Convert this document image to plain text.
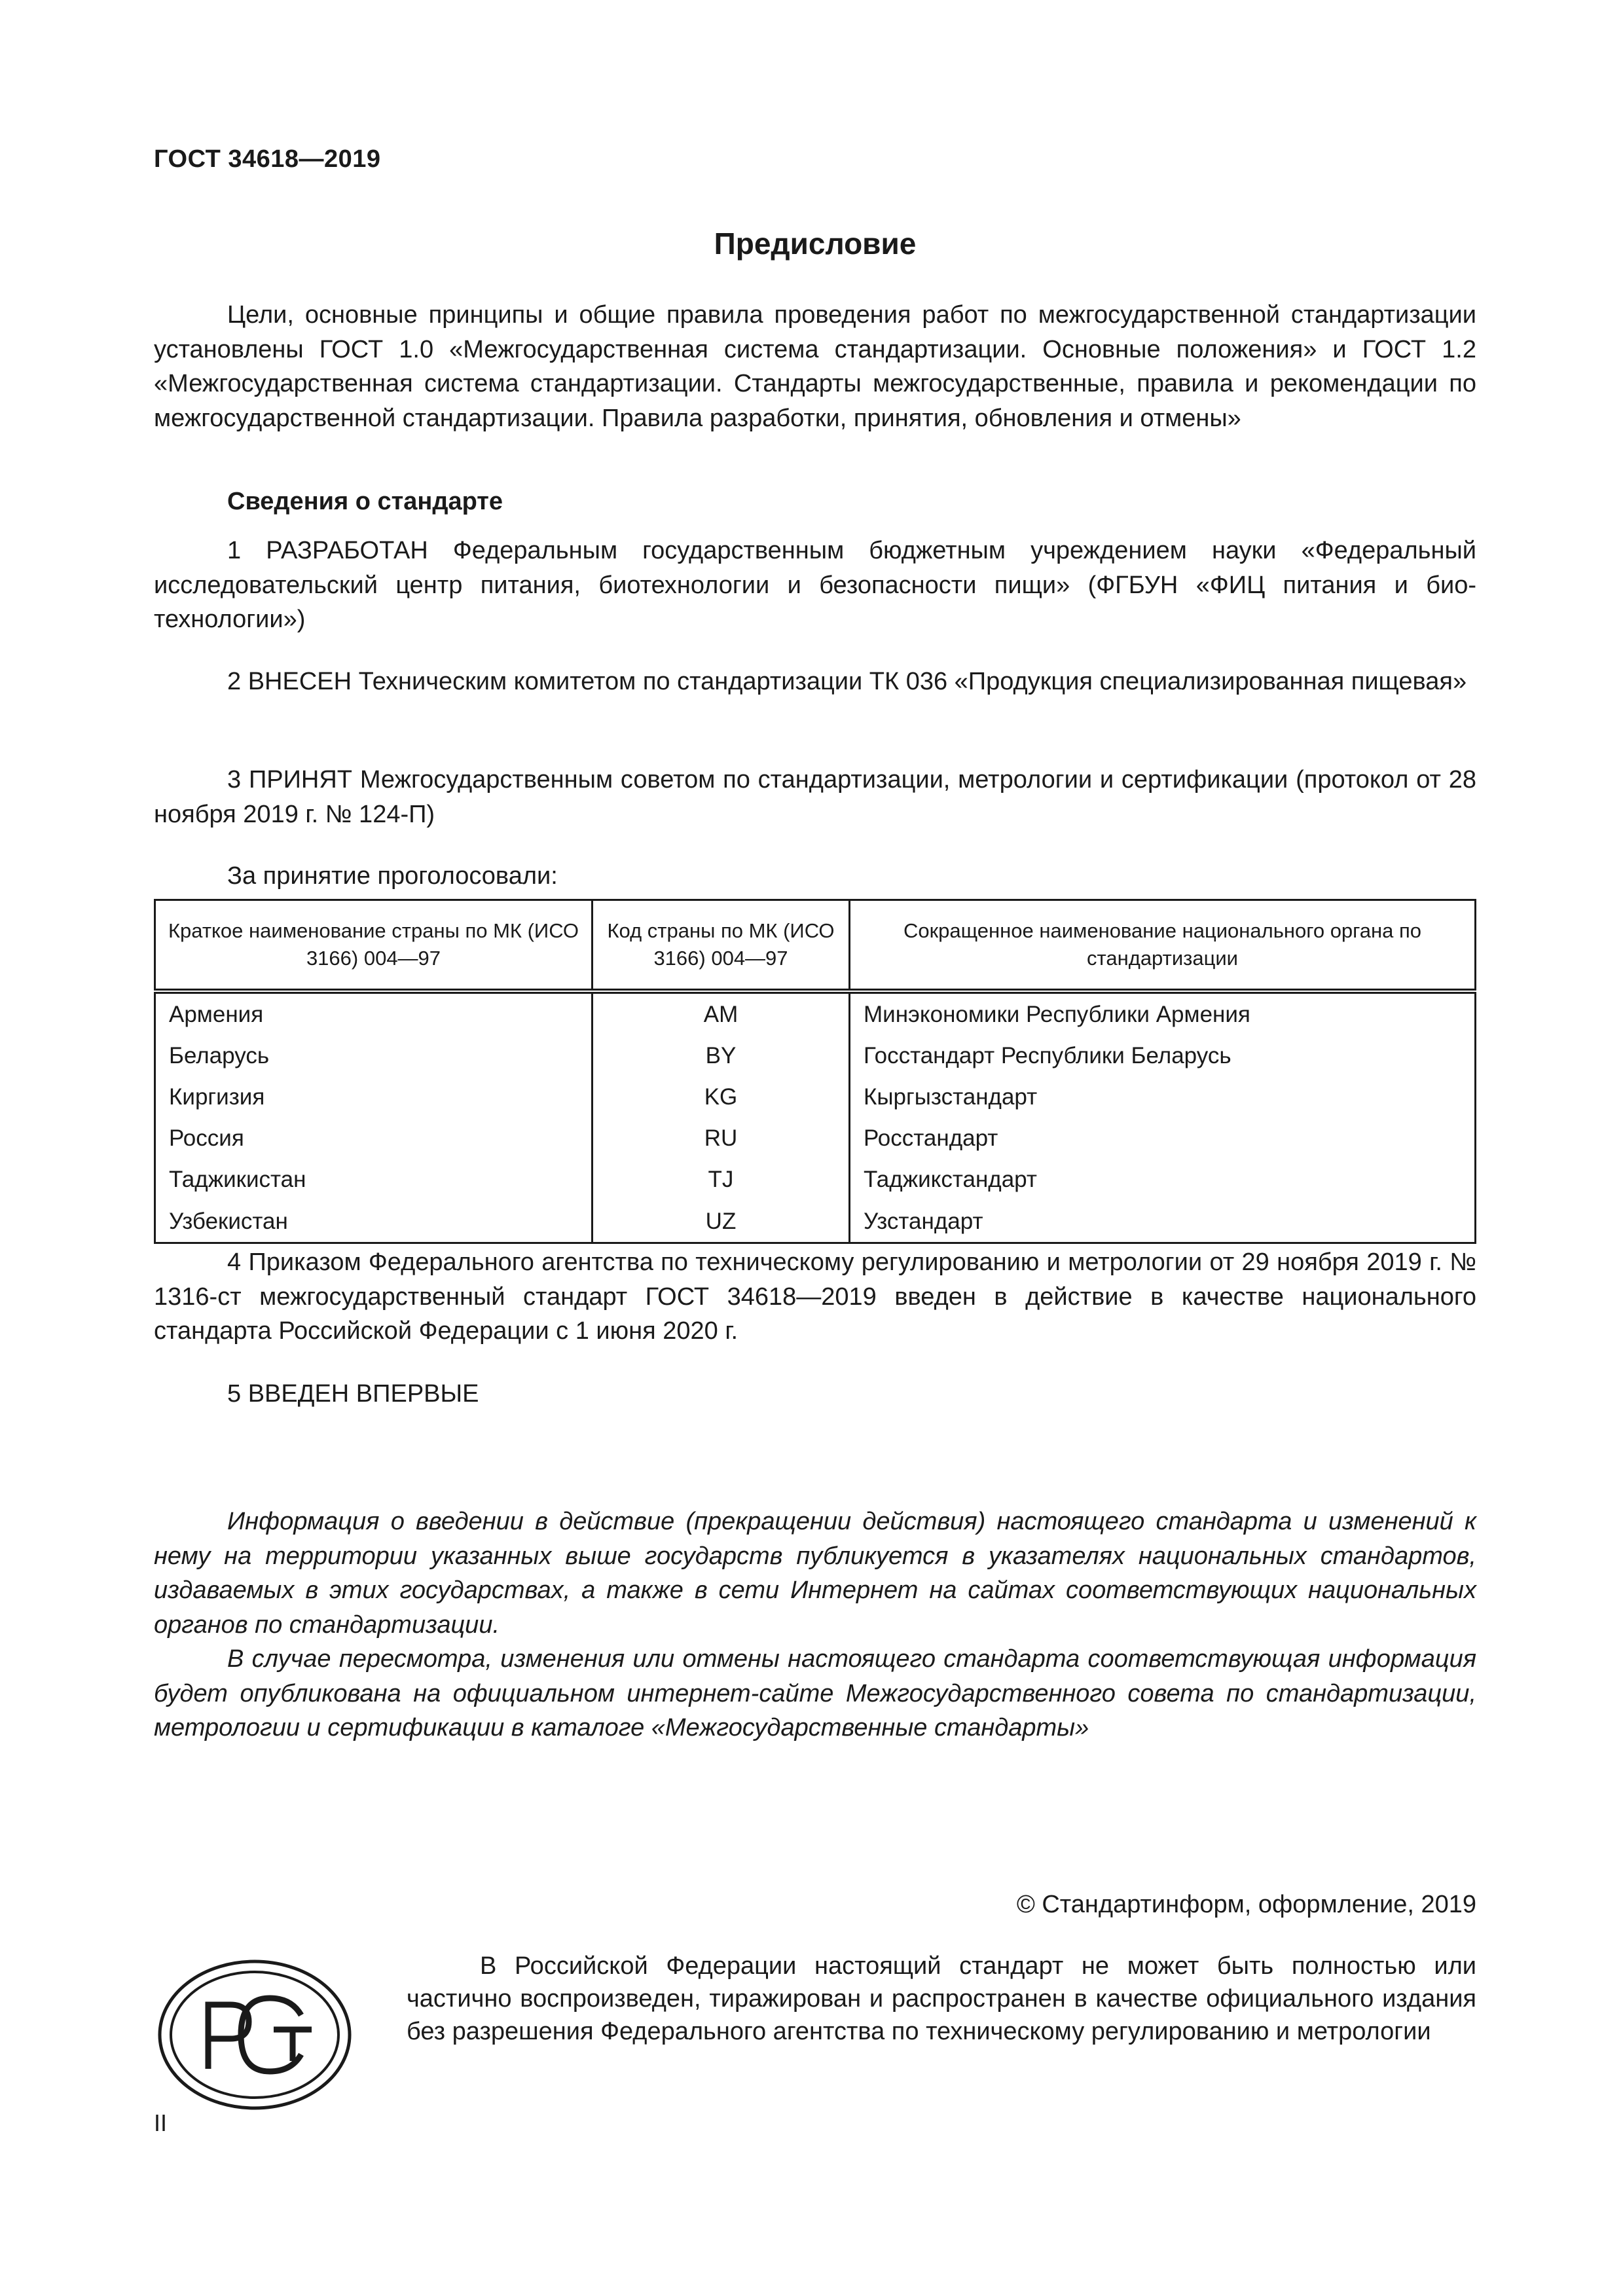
ГОСТ 34618—2019
Предисловие

Цели, основные принципы и общие правила проведения работ по межгосударственной стандартизации установлены ГОСТ 1.0 «Межгосударственная система стандартизации. Основные положения» и ГОСТ 1.2 «Межгосударственная система стандартизации. Стандарты межгосударственные, правила и рекомендации по межгосударственной стандартизации. Правила разработки, принятия, обновления и отмены»

Сведения о стандарте

1 РАЗРАБОТАН Федеральным государственным бюджетным учреждением науки «Федеральный исследовательский центр питания, биотехнологии и безопасности пищи» (ФГБУН «ФИЦ питания и биотехнологии»)

2 ВНЕСЕН Техническим комитетом по стандартизации ТК 036 «Продукция специализированная пищевая»

3 ПРИНЯТ Межгосударственным советом по стандартизации, метрологии и сертификации (протокол от 28 ноября 2019 г. № 124-П)

За принятие проголосовали:

Краткое наименование страны по МК (ИСО 3166) 004—97	Код страны по МК (ИСО 3166) 004—97	Сокращенное наименование национального органа по стандартизации
Армения	AM	Минэкономики Республики Армения
Беларусь	BY	Госстандарт Республики Беларусь
Киргизия	KG	Кыргызстандарт
Россия	RU	Росстандарт
Таджикистан	TJ	Таджикстандарт
Узбекистан	UZ	Узстандарт

4 Приказом Федерального агентства по техническому регулированию и метрологии от 29 ноября 2019 г. № 1316-ст межгосударственный стандарт ГОСТ 34618—2019 введен в действие в качестве национального стандарта Российской Федерации с 1 июня 2020 г.

5 ВВЕДЕН ВПЕРВЫЕ

Информация о введении в действие (прекращении действия) настоящего стандарта и изменений к нему на территории указанных выше государств публикуется в указателях национальных стандартов, издаваемых в этих государствах, а также в сети Интернет на сайтах соответствующих национальных органов по стандартизации.

В случае пересмотра, изменения или отмены настоящего стандарта соответствующая информация будет опубликована на официальном интернет-сайте Межгосударственного совета по стандартизации, метрологии и сертификации в каталоге «Межгосударственные стандарты»

© Стандартинформ, оформление, 2019

В Российской Федерации настоящий стандарт не может быть полностью или частично воспроизведен, тиражирован и распространен в качестве официального издания без разрешения Федерального агентства по техническому регулированию и метрологии

II
